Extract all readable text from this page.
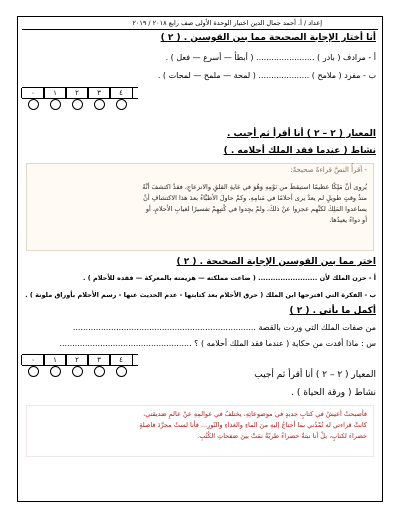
إعداد / أ. أحمد جمال الدين اختبار الوحدة الأولى صف رابع ٢٠١٨ / ٢٠١٩
أنا أختار الإجابة الصحيحة مما بين القوسين . ( ٢ )
أ - مرادف ( بادر ) ....................... ( أبطأ — أسرع — فعل ) .
ب - مفرد ( ملامح ) .................... ( لمحة — ملمح — لمحات ) .
٤
٣
٢
١
٠
المعيار ( ٢ – ٢ ) أنا أقرأ ثم أجيب .
نشاط ( عندما فقد الملك أحلامه . )
- أقرأُ النصَّ قراءةً صحيحةً:
يُروى أنَّ مَلِكًا عظيمًا استيقظَ من نَوْمِهِ وَهُوَ في غايةِ القلقِ والانزعاجِ، فقدْ اكتشفَ أنَّهُ
منذُ وقتٍ طويلٍ لم يعدْ يرى أحلامًا في مَنامِهِ، وكمْ حاولَ الأطبَّاءُ بعدَ هذا الاكتشافِ أنْ
يساعدوا المَلِكَ لكنَّهم عجزوا عنْ ذلكَ، ولمْ يجِدوا في كُتبِهِمْ تفسيرًا لغيابِ الأحلامِ، أو
أو دواءً يعيدُها.
اختر مما بين القوسين الإجابة الصحيحة . ( ٢ )
أ - حزن الملك لأن ........................ ( ضاعت مملكته — هزيمته بالمعركة — فقده للأحلام ) .
ب - الفكرة التي اقترحها ابن الملك ( حرق الأحلام بعد كتابتها - عدم الحديث عنها - رسم الأحلام بأوراق ملونة ) .
أكمل ما يأتي . ( ٢ )
من صفات الملك التي وردت بالقصة ........................................................................
س : ماذا أفدت من حكاية ( عندما فقد الملك أحلامه ) ؟ ....................................................
٤
٣
٢
١
٠
المعيار ( ٢ – ٢ ) أنا أقرأ ثم أجيب
نشاط ( ورقة الحياة ) .
فأصبحتُ أعيشُ في كتابٍ جديدٍ في موضوعاتِهِ، يختلفُ في عوالمِهِ عنْ عالمِ صَديقتي،
كانتْ قراءتي له تُمْدُني بما أحتاجُ إليهِ منَ الماءِ والغذاءِ والنّورِ... فأنا لستُ مجرَّدَ فاصلةٍ
خضراءَ لكتابٍ، بلْ أنا نبتةٌ خضراءُ طريّةٌ نمَتْ بينَ صَفحاتِ الكُتُبِ.
